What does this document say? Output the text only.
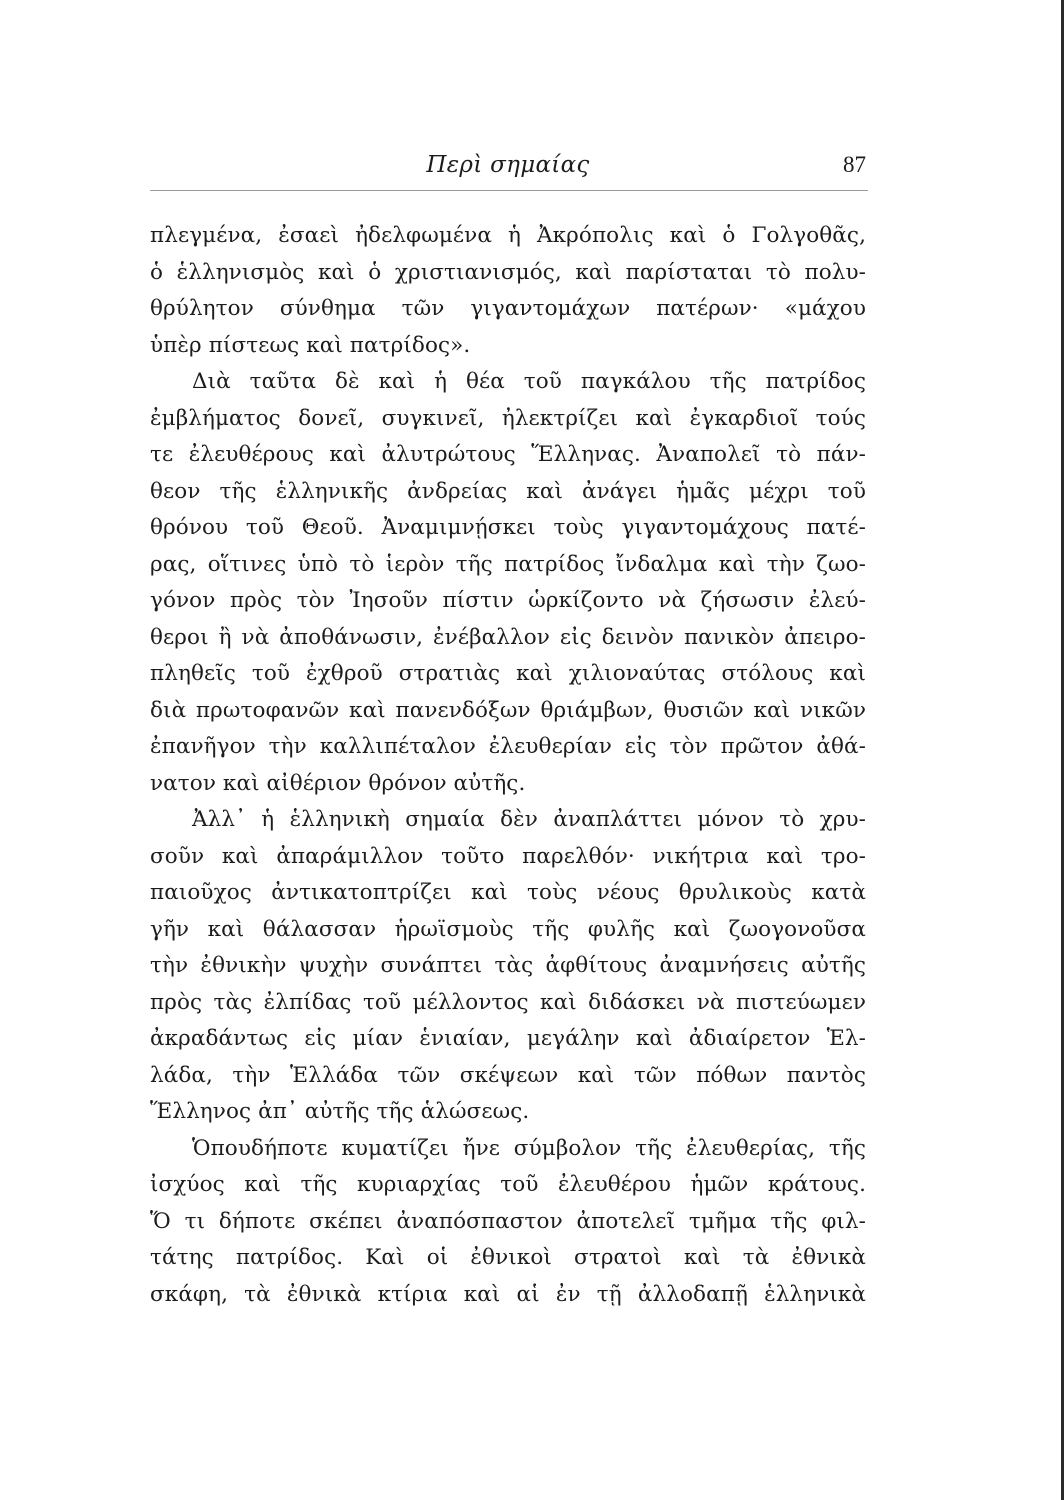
Περὶ σημαίας	87
πλεγμένα, ἐσαεὶ ἠδελφωμένα ἡ Ἀκρόπολις καὶ ὁ Γολγοθᾶς,
ὁ ἑλληνισμὸς καὶ ὁ χριστιανισμός, καὶ παρίσταται τὸ πολυ-
θρύλητον σύνθημα τῶν γιγαντομάχων πατέρων· «μάχου
ὑπὲρ πίστεως καὶ πατρίδος».
Διὰ ταῦτα δὲ καὶ ἡ θέα τοῦ παγκάλου τῆς πατρίδος
ἐμβλήματος δονεῖ, συγκινεῖ, ἠλεκτρίζει καὶ ἐγκαρδιοῖ τούς
τε ἐλευθέρους καὶ ἀλυτρώτους Ἕλληνας. Ἀναπολεῖ τὸ πάν-
θεον τῆς ἑλληνικῆς ἀνδρείας καὶ ἀνάγει ἡμᾶς μέχρι τοῦ
θρόνου τοῦ Θεοῦ. Ἀναμιμνῄσκει τοὺς γιγαντομάχους πατέ-
ρας, οἵτινες ὑπὸ τὸ ἱερὸν τῆς πατρίδος ἴνδαλμα καὶ τὴν ζωο-
γόνον πρὸς τὸν Ἰησοῦν πίστιν ὡρκίζοντο νὰ ζήσωσιν ἐλεύ-
θεροι ἢ νὰ ἀποθάνωσιν, ἐνέβαλλον εἰς δεινὸν πανικὸν ἀπειρο-
πληθεῖς τοῦ ἐχθροῦ στρατιὰς καὶ χιλιοναύτας στόλους καὶ
διὰ πρωτοφανῶν καὶ πανενδόξων θριάμβων, θυσιῶν καὶ νικῶν
ἐπανῆγον τὴν καλλιπέταλον ἐλευθερίαν εἰς τὸν πρῶτον ἀθά-
νατον καὶ αἰθέριον θρόνον αὐτῆς.
Ἀλλ᾽ ἡ ἑλληνικὴ σημαία δὲν ἀναπλάττει μόνον τὸ χρυ-
σοῦν καὶ ἀπαράμιλλον τοῦτο παρελθόν· νικήτρια καὶ τρο-
παιοῦχος ἀντικατοπτρίζει καὶ τοὺς νέους θρυλικοὺς κατὰ
γῆν καὶ θάλασσαν ἡρωϊσμοὺς τῆς φυλῆς καὶ ζωογονοῦσα
τὴν ἐθνικὴν ψυχὴν συνάπτει τὰς ἀφθίτους ἀναμνήσεις αὐτῆς
πρὸς τὰς ἐλπίδας τοῦ μέλλοντος καὶ διδάσκει νὰ πιστεύωμεν
ἀκραδάντως εἰς μίαν ἑνιαίαν, μεγάλην καὶ ἀδιαίρετον Ἑλ-
λάδα, τὴν Ἑλλάδα τῶν σκέψεων καὶ τῶν πόθων παντὸς
Ἕλληνος ἀπ᾽ αὐτῆς τῆς ἁλώσεως.
Ὁπουδήποτε κυματίζει ἤνε σύμβολον τῆς ἐλευθερίας, τῆς
ἰσχύος καὶ τῆς κυριαρχίας τοῦ ἐλευθέρου ἡμῶν κράτους.
Ὅ τι δήποτε σκέπει ἀναπόσπαστον ἀποτελεῖ τμῆμα τῆς φιλ-
τάτης πατρίδος. Καὶ οἱ ἐθνικοὶ στρατοὶ καὶ τὰ ἐθνικὰ
σκάφη, τὰ ἐθνικὰ κτίρια καὶ αἱ ἐν τῇ ἀλλοδαπῇ ἑλληνικὰ
